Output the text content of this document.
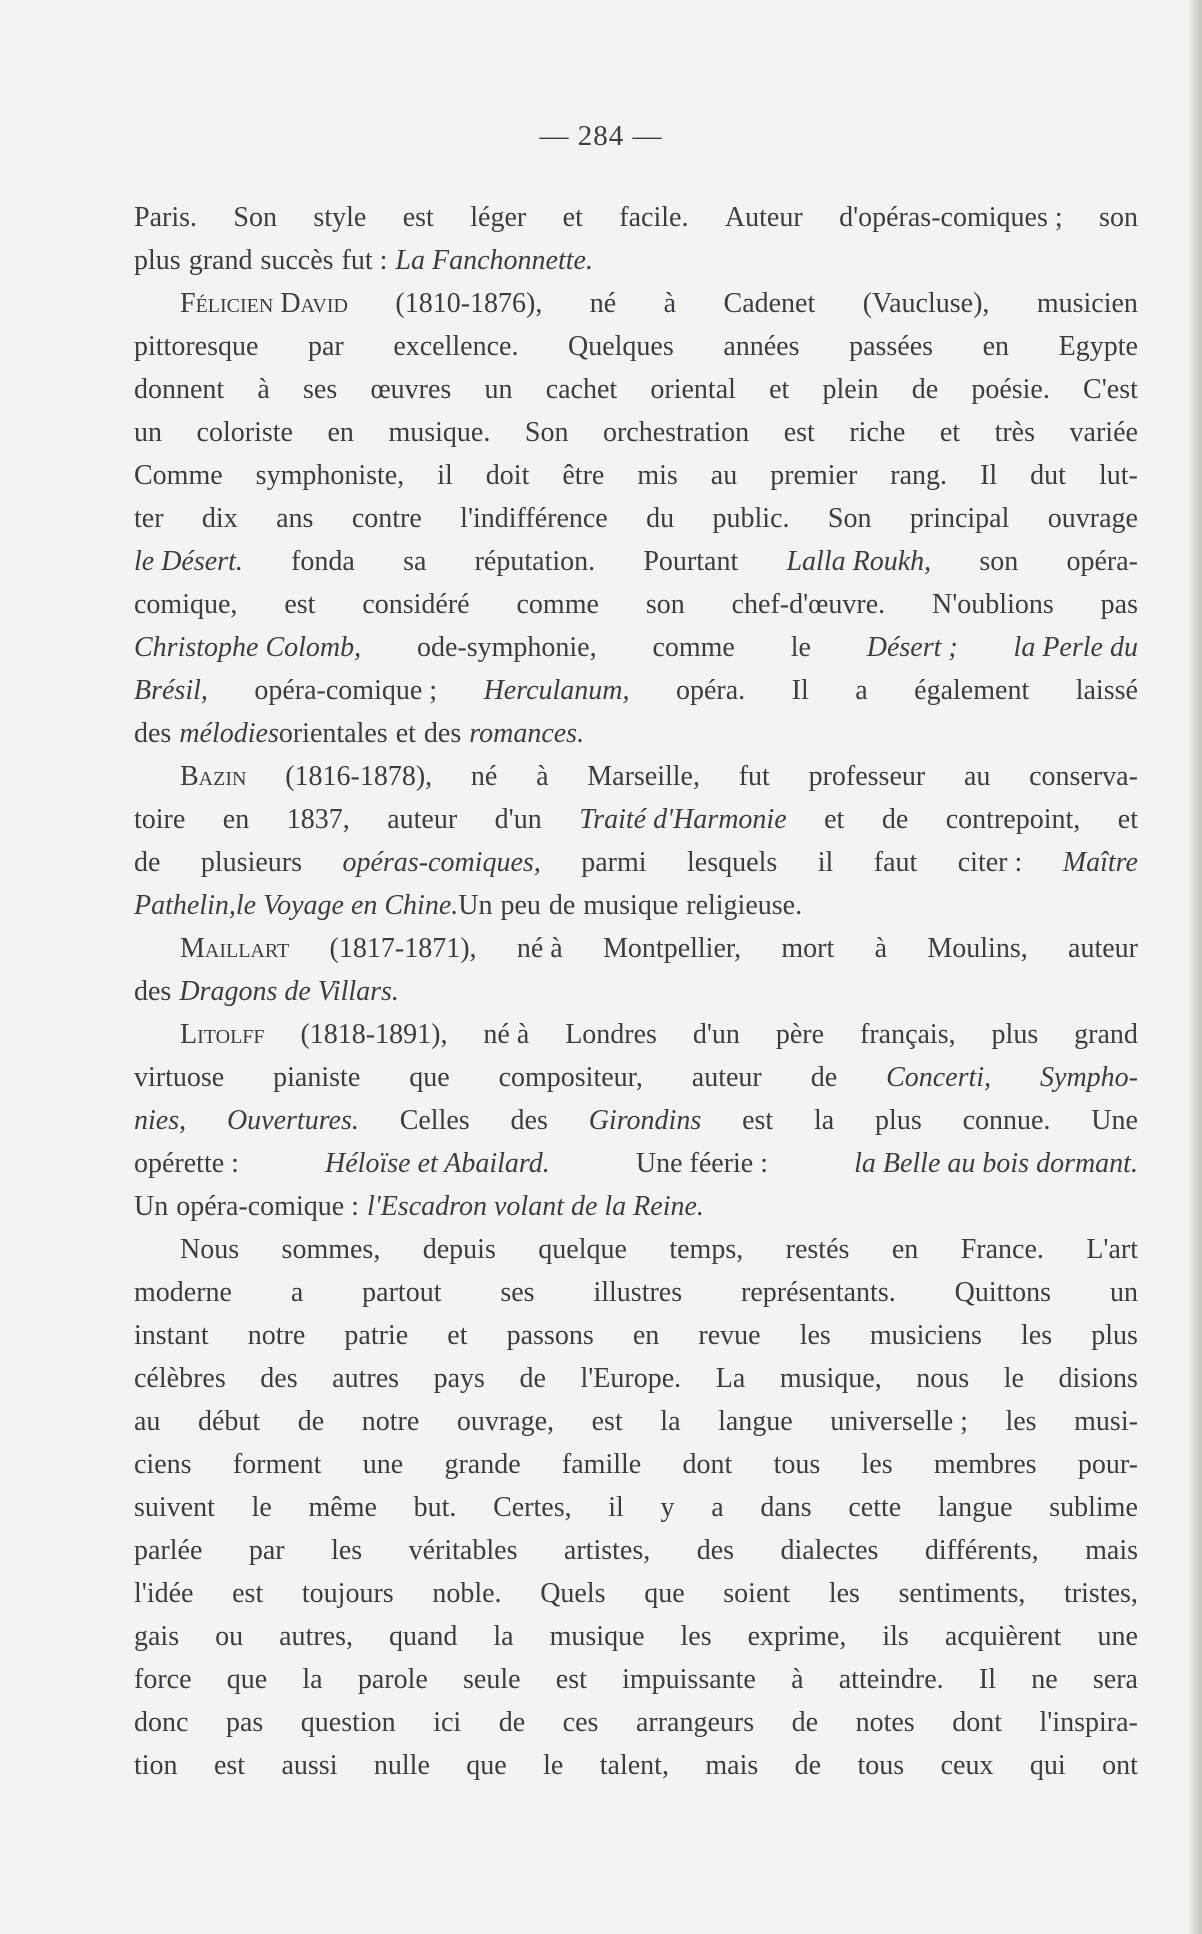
— 284 —
Paris. Son style est léger et facile. Auteur d'opéras-comiques ; son
plus grand succès fut : La Fanchonnette.
Félicien David (1810-1876), né à Cadenet (Vaucluse), musicien
pittoresque par excellence. Quelques années passées en Egypte
donnent à ses œuvres un cachet oriental et plein de poésie. C'est
un coloriste en musique. Son orchestration est riche et très variée
Comme symphoniste, il doit être mis au premier rang. Il dut lut-
ter dix ans contre l'indifférence du public. Son principal ouvrage
le Désert. fonda sa réputation. Pourtant Lalla Roukh, son opéra-
comique, est considéré comme son chef-d'œuvre. N'oublions pas
Christophe Colomb, ode-symphonie, comme le Désert ; la Perle du
Brésil, opéra-comique ; Herculanum, opéra. Il a également laissé
des mélodies orientales et des romances.
Bazin (1816-1878), né à Marseille, fut professeur au conserva-
toire en 1837, auteur d'un Traité d'Harmonie et de contrepoint, et
de plusieurs opéras-comiques, parmi lesquels il faut citer : Maître
Pathelin, le Voyage en Chine. Un peu de musique religieuse.
Maillart (1817-1871), né à Montpellier, mort à Moulins, auteur
des Dragons de Villars.
Litolff (1818-1891), né à Londres d'un père français, plus grand
virtuose pianiste que compositeur, auteur de Concerti, Sympho-
nies, Ouvertures. Celles des Girondins est la plus connue. Une
opérette :	Héloïse et Abailard.	Une féerie :	la Belle au bois dormant.
Un opéra-comique : l'Escadron volant de la Reine.
Nous sommes, depuis quelque temps, restés en France. L'art
moderne a partout ses illustres représentants. Quittons un
instant notre patrie et passons en revue les musiciens les plus
célèbres des autres pays de l'Europe. La musique, nous le disions
au début de notre ouvrage, est la langue universelle ; les musi-
ciens forment une grande famille dont tous les membres pour-
suivent le même but. Certes, il y a dans cette langue sublime
parlée par les véritables artistes, des dialectes différents, mais
l'idée est toujours noble. Quels que soient les sentiments, tristes,
gais ou autres, quand la musique les exprime, ils acquièrent une
force que la parole seule est impuissante à atteindre. Il ne sera
donc pas question ici de ces arrangeurs de notes dont l'inspira-
tion est aussi nulle que le talent, mais de tous ceux qui ont
